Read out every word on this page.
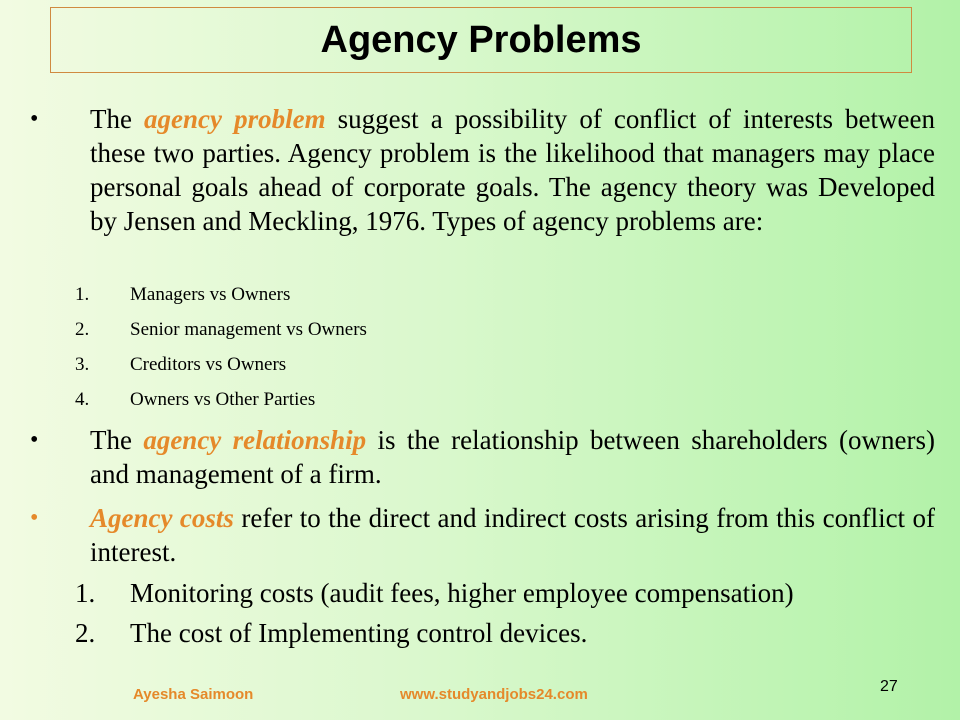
Agency Problems
• The agency problem suggest a possibility of conflict of interests between these two parties. Agency problem is the likelihood that managers may place personal goals ahead of corporate goals. The agency theory was Developed by Jensen and Meckling, 1976. Types of agency problems are:
1. Managers vs Owners
2. Senior management vs Owners
3. Creditors vs Owners
4. Owners vs Other Parties
• The agency relationship is the relationship between shareholders (owners) and management of a firm.
• Agency costs refer to the direct and indirect costs arising from this conflict of interest.
1. Monitoring costs (audit fees, higher employee compensation)
2. The cost of Implementing control devices.
Ayesha Saimoon	www.studyandjobs24.com	27
